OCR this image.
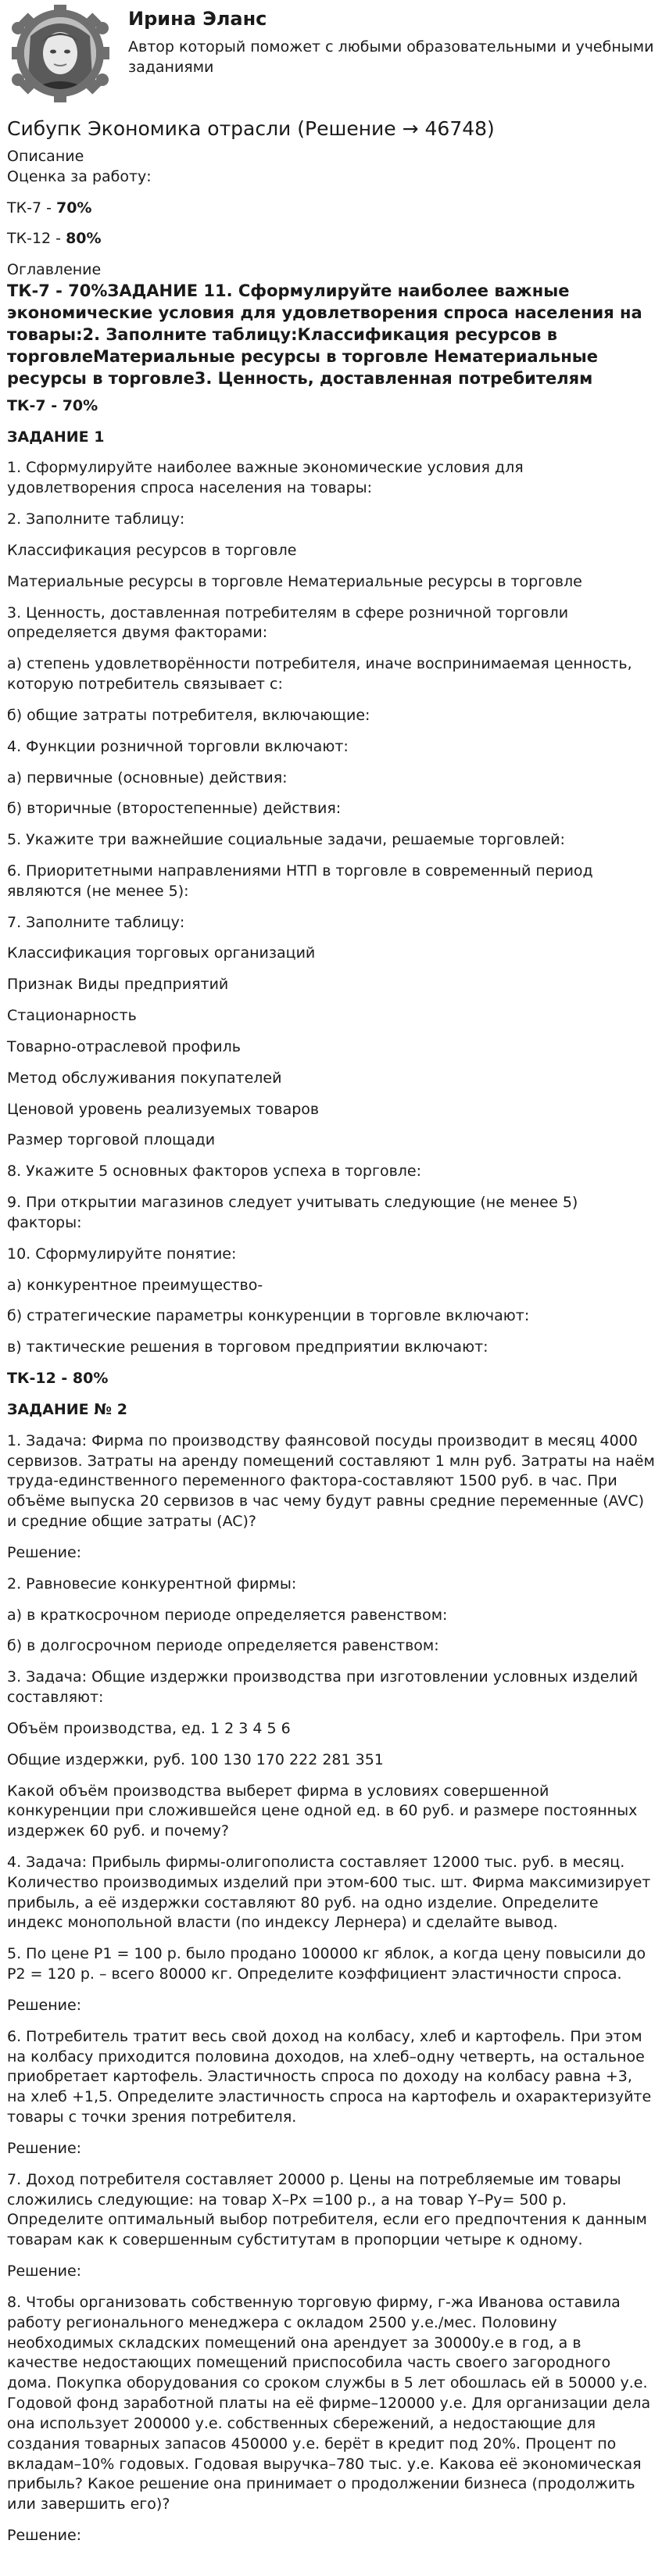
Ирина Эланс
Автор который поможет с любыми образовательными и учебными заданиями
Сибупк Экономика отрасли (Решение → 46748)
Описание
Оценка за работу:

ТК-7 - 70%

ТК-12 - 80%

Оглавление
ТК-7 - 70%ЗАДАНИЕ 11. Сформулируйте наиболее важные экономические условия для удовлетворения спроса населения на товары:2. Заполните таблицу:Классификация ресурсов в торговлеМатериальные ресурсы в торговле Нематериальные ресурсы в торговле3. Ценность, доставленная потребителям
ТК-7 - 70%
ЗАДАНИЕ 1

1. Сформулируйте наиболее важные экономические условия для удовлетворения спроса населения на товары:

2. Заполните таблицу:

Классификация ресурсов в торговле

Материальные ресурсы в торговле Нематериальные ресурсы в торговле

3. Ценность, доставленная потребителям в сфере розничной торговли определяется двумя факторами:

а) степень удовлетворённости потребителя, иначе воспринимаемая ценность, которую потребитель связывает с:

б) общие затраты потребителя, включающие:

4. Функции розничной торговли включают:

а) первичные (основные) действия:

б) вторичные (второстепенные) действия:

5. Укажите три важнейшие социальные задачи, решаемые торговлей:

6. Приоритетными направлениями НТП в торговле в современный период являются (не менее 5):

7. Заполните таблицу:

Классификация торговых организаций

Признак Виды предприятий

Стационарность

Товарно-отраслевой профиль

Метод обслуживания покупателей

Ценовой уровень реализуемых товаров

Размер торговой площади

8. Укажите 5 основных факторов успеха в торговле:

9. При открытии магазинов следует учитывать следующие (не менее 5) факторы:

10. Сформулируйте понятие:

а) конкурентное преимущество-

б) стратегические параметры конкуренции в торговле включают:

в) тактические решения в торговом предприятии включают:

ТК-12 - 80%
ЗАДАНИЕ № 2

1. Задача: Фирма по производству фаянсовой посуды производит в месяц 4000 сервизов. Затраты на аренду помещений составляют 1 млн руб. Затраты на наём труда-единственного переменного фактора-составляют 1500 руб. в час. При объёме выпуска 20 сервизов в час чему будут равны средние переменные (AVC) и средние общие затраты (AC)?

Решение:

2. Равновесие конкурентной фирмы:

а) в краткосрочном периоде определяется равенством:

б) в долгосрочном периоде определяется равенством:

3. Задача: Общие издержки производства при изготовлении условных изделий составляют:

Объём производства, ед. 1 2 3 4 5 6

Общие издержки, руб. 100 130 170 222 281 351

Какой объём производства выберет фирма в условиях совершенной конкуренции при сложившейся цене одной ед. в 60 руб. и размере постоянных издержек 60 руб. и почему?

4. Задача: Прибыль фирмы-олигополиста составляет 12000 тыс. руб. в месяц. Количество производимых изделий при этом-600 тыс. шт. Фирма максимизирует прибыль, а её издержки составляют 80 руб. на одно изделие. Определите индекс монопольной власти (по индексу Лернера) и сделайте вывод.

5. По цене P1 = 100 р. было продано 100000 кг яблок, а когда цену повысили до P2 = 120 р. – всего 80000 кг. Определите коэффициент эластичности спроса.

Решение:

6. Потребитель тратит весь свой доход на колбасу, хлеб и картофель. При этом на колбасу приходится половина доходов, на хлеб–одну четверть, на остальное приобретает картофель. Эластичность спроса по доходу на колбасу равна +3, на хлеб +1,5. Определите эластичность спроса на картофель и охарактеризуйте товары с точки зрения потребителя.

Решение:

7. Доход потребителя составляет 20000 р. Цены на потребляемые им товары сложились следующие: на товар X–Px =100 р., а на товар Y–Py= 500 р. Определите оптимальный выбор потребителя, если его предпочтения к данным товарам как к совершенным субститутам в пропорции четыре к одному.

Решение:

8. Чтобы организовать собственную торговую фирму, г-жа Иванова оставила работу регионального менеджера с окладом 2500 у.е./мес. Половину необходимых складских помещений она арендует за 30000у.е в год, а в качестве недостающих помещений приспособила часть своего загородного дома. Покупка оборудования со сроком службы в 5 лет обошлась ей в 50000 у.е. Годовой фонд заработной платы на её фирме–120000 у.е. Для организации дела она использует 200000 у.е. собственных сбережений, а недостающие для создания товарных запасов 450000 у.е. берёт в кредит под 20%. Процент по вкладам–10% годовых. Годовая выручка–780 тыс. у.е. Какова её экономическая прибыль? Какое решение она принимает о продолжении бизнеса (продолжить или завершить его)?

Решение:
